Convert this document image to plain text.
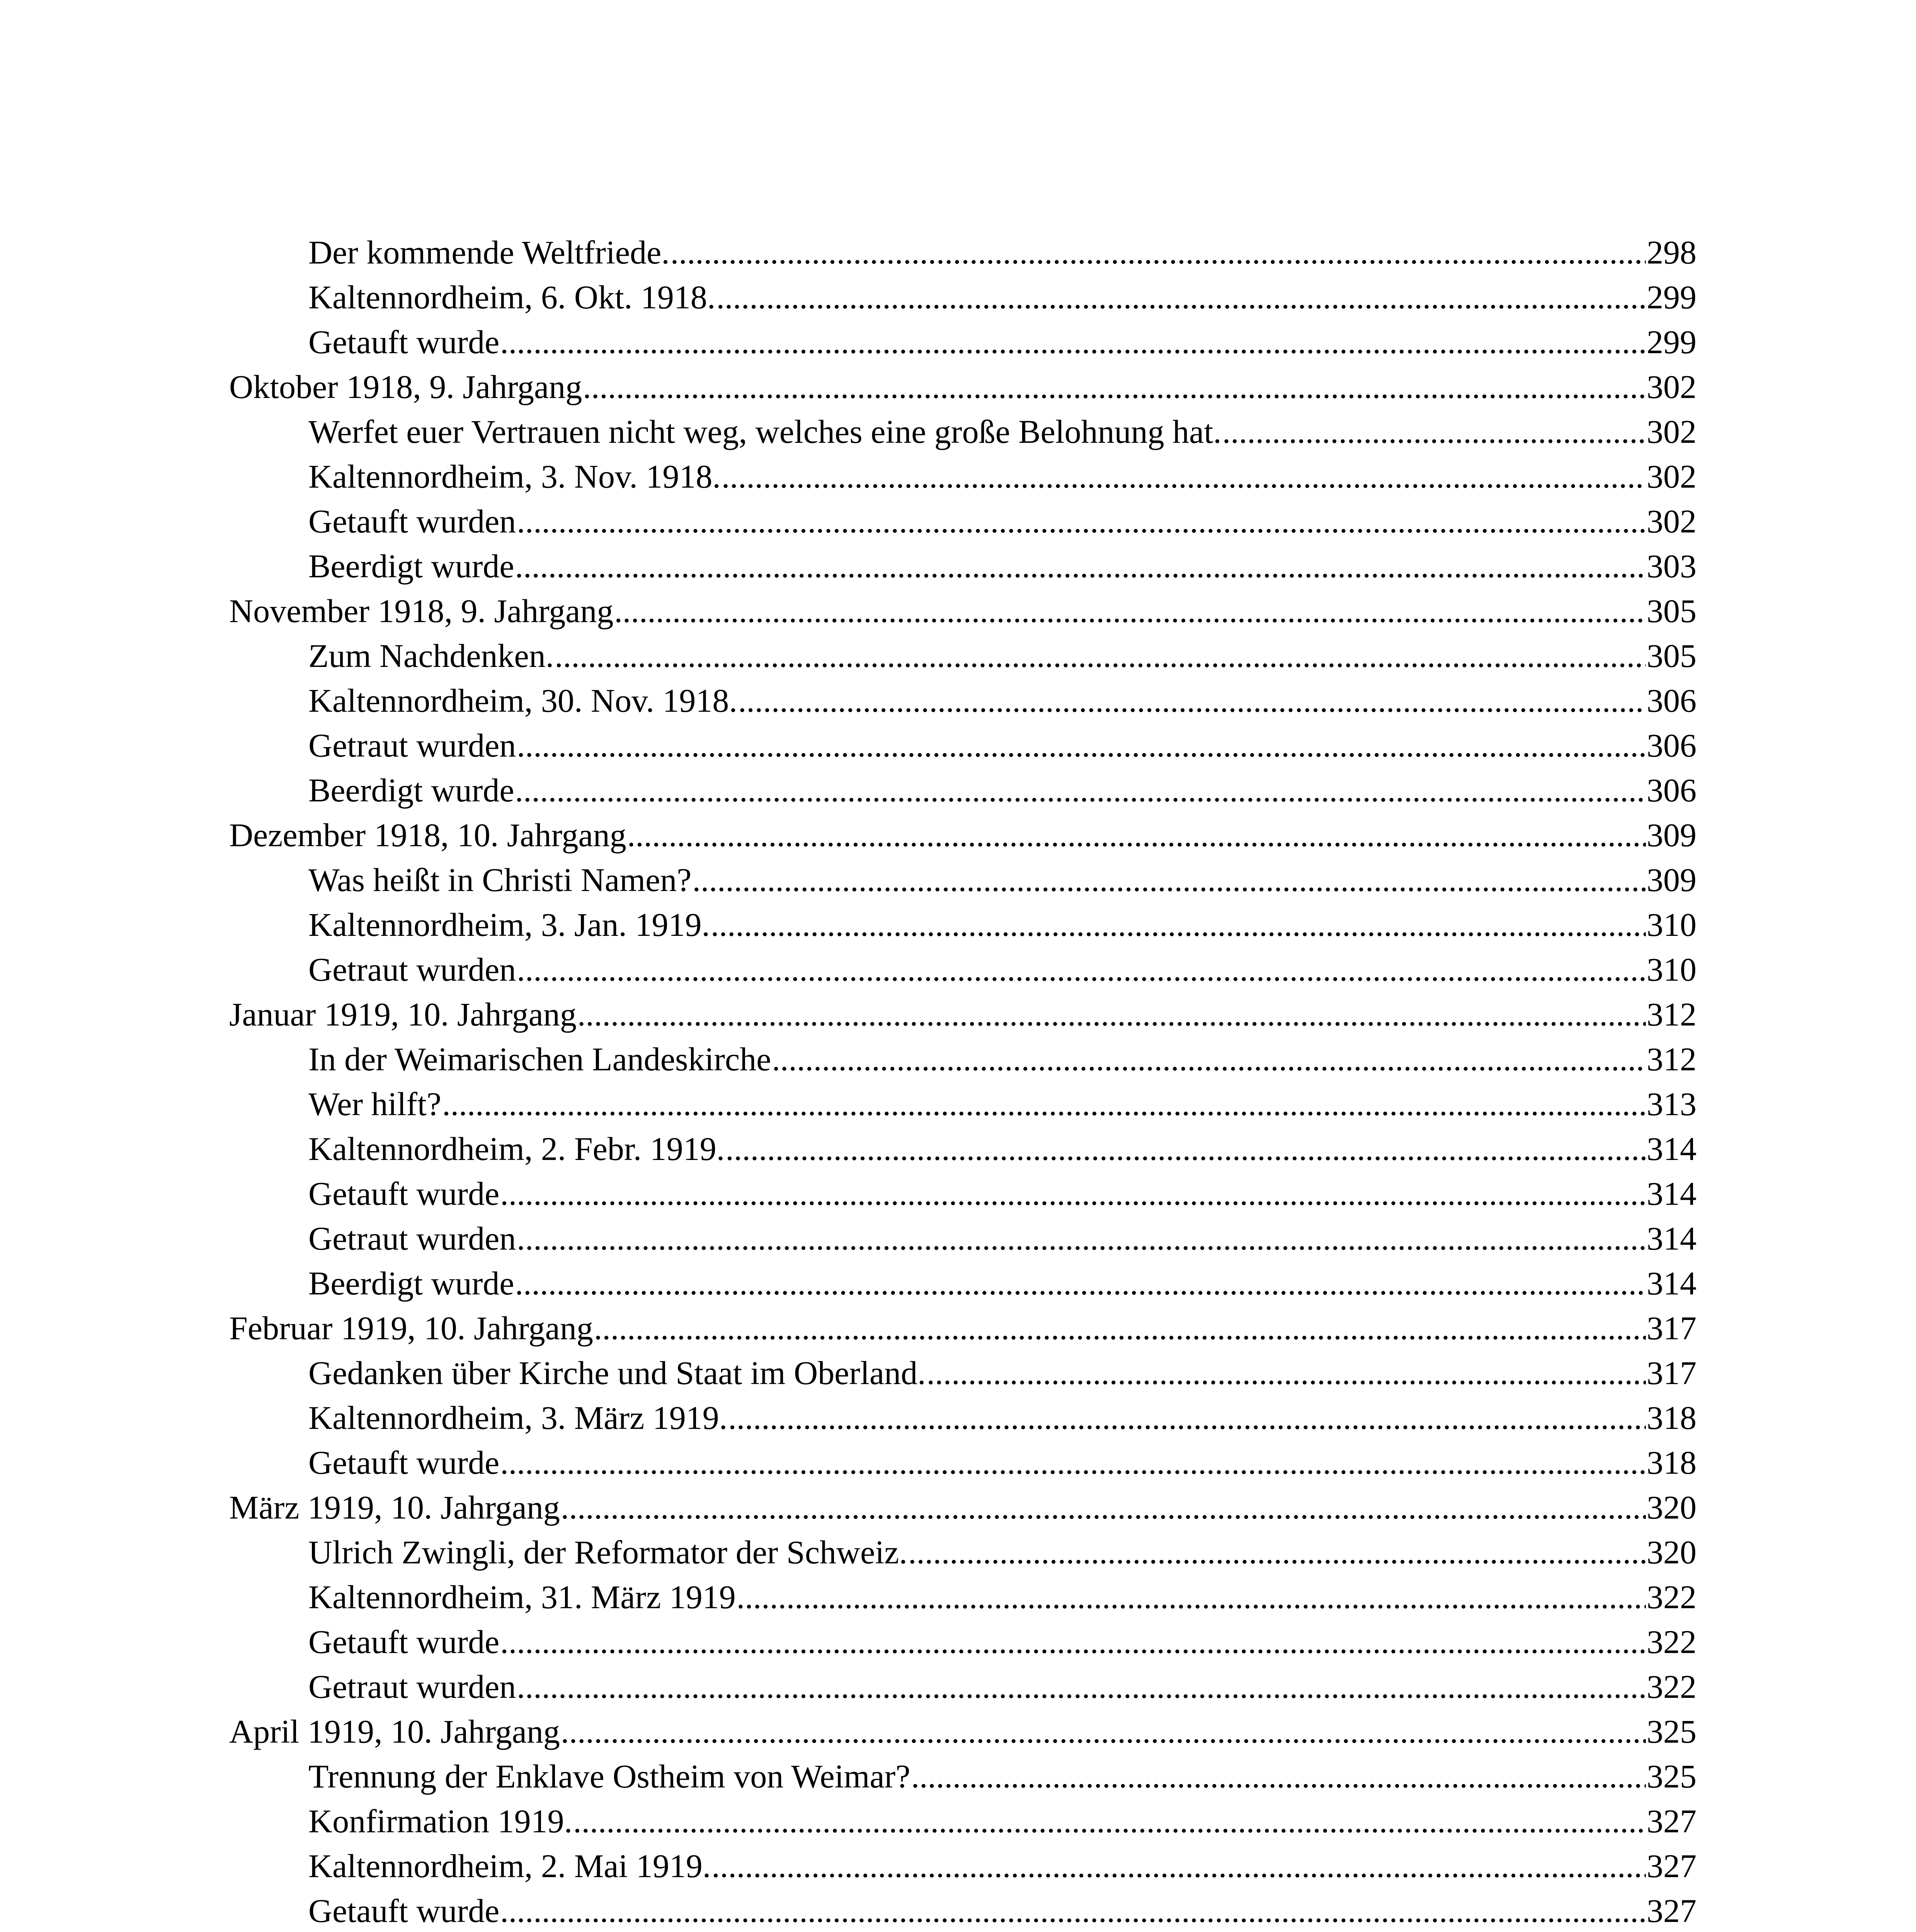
Der kommende Weltfriede. .....	298
Kaltennordheim, 6. Okt. 1918. .....	299
Getauft wurde .....	299
Oktober 1918, 9. Jahrgang .....	302
Werfet euer Vertrauen nicht weg, welches eine große Belohnung hat. .....	302
Kaltennordheim, 3. Nov. 1918. .....	302
Getauft wurden .....	302
Beerdigt wurde .....	303
November 1918, 9. Jahrgang .....	305
Zum Nachdenken. .....	305
Kaltennordheim, 30. Nov. 1918. .....	306
Getraut wurden .....	306
Beerdigt wurde .....	306
Dezember 1918, 10. Jahrgang .....	309
Was heißt in Christi Namen? .....	309
Kaltennordheim, 3. Jan. 1919. .....	310
Getraut wurden .....	310
Januar 1919, 10. Jahrgang .....	312
In der Weimarischen Landeskirche .....	312
Wer hilft? .....	313
Kaltennordheim, 2. Febr. 1919. .....	314
Getauft wurde .....	314
Getraut wurden .....	314
Beerdigt wurde .....	314
Februar 1919, 10. Jahrgang .....	317
Gedanken über Kirche und Staat im Oberland. .....	317
Kaltennordheim, 3. März 1919. .....	318
Getauft wurde .....	318
März 1919, 10. Jahrgang .....	320
Ulrich Zwingli, der Reformator der Schweiz. .....	320
Kaltennordheim, 31. März 1919 .....	322
Getauft wurde .....	322
Getraut wurden .....	322
April 1919, 10. Jahrgang .....	325
Trennung der Enklave Ostheim von Weimar? .....	325
Konfirmation 1919. .....	327
Kaltennordheim, 2. Mai 1919. .....	327
Getauft wurde .....	327
